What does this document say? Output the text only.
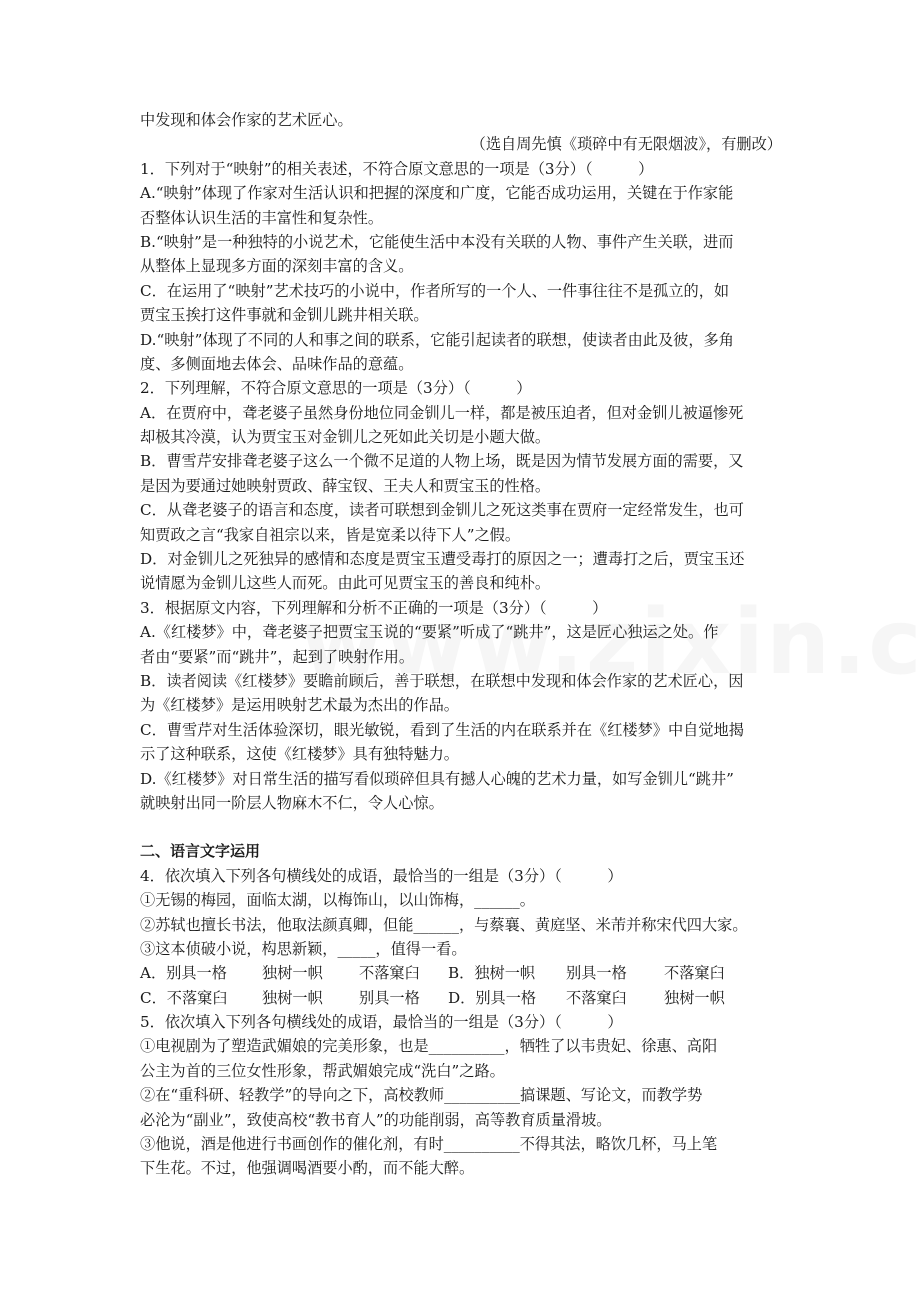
中发现和体会作家的艺术匠心。
（选自周先慎《琐碎中有无限烟波》，有删改）
1．下列对于“映射”的相关表述，不符合原文意思的一项是（3分）（　　　）
A.“映射”体现了作家对生活认识和把握的深度和广度，它能否成功运用，关键在于作家能
否整体认识生活的丰富性和复杂性。
B.“映射”是一种独特的小说艺术，它能使生活中本没有关联的人物、事件产生关联，进而
从整体上显现多方面的深刻丰富的含义。
C．在运用了“映射”艺术技巧的小说中，作者所写的一个人、一件事往往不是孤立的，如
贾宝玉挨打这件事就和金钏儿跳井相关联。
D.“映射”体现了不同的人和事之间的联系，它能引起读者的联想，使读者由此及彼，多角
度、多侧面地去体会、品味作品的意蕴。
2．下列理解，不符合原文意思的一项是（3分）（　　　）
A．在贾府中，聋老婆子虽然身份地位同金钏儿一样，都是被压迫者，但对金钏儿被逼惨死
却极其冷漠，认为贾宝玉对金钏儿之死如此关切是小题大做。
B．曹雪芹安排聋老婆子这么一个微不足道的人物上场，既是因为情节发展方面的需要，又
是因为要通过她映射贾政、薛宝钗、王夫人和贾宝玉的性格。
C．从聋老婆子的语言和态度，读者可联想到金钏儿之死这类事在贾府一定经常发生，也可
知贾政之言“我家自祖宗以来，皆是宽柔以待下人”之假。
D．对金钏儿之死独异的感情和态度是贾宝玉遭受毒打的原因之一；遭毒打之后，贾宝玉还
说情愿为金钏儿这些人而死。由此可见贾宝玉的善良和纯朴。
3．根据原文内容，下列理解和分析不正确的一项是（3分）（　　　）
A.《红楼梦》中，聋老婆子把贾宝玉说的“要紧”听成了“跳井”，这是匠心独运之处。作
者由“要紧”而“跳井”，起到了映射作用。
B．读者阅读《红楼梦》要瞻前顾后，善于联想，在联想中发现和体会作家的艺术匠心，因
为《红楼梦》是运用映射艺术最为杰出的作品。
C．曹雪芹对生活体验深切，眼光敏锐，看到了生活的内在联系并在《红楼梦》中自觉地揭
示了这种联系，这使《红楼梦》具有独特魅力。
D.《红楼梦》对日常生活的描写看似琐碎但具有撼人心魄的艺术力量，如写金钏儿“跳井”
就映射出同一阶层人物麻木不仁，令人心惊。
二、语言文字运用
4．依次填入下列各句横线处的成语，最恰当的一组是（3分）（　　　）
①无锡的梅园，面临太湖，以梅饰山，以山饰梅，______。
②苏轼也擅长书法，他取法颜真卿，但能______，与蔡襄、黄庭坚、米芾并称宋代四大家。
③这本侦破小说，构思新颖，_____，值得一看。
A．别具一格	独树一帜	不落窠臼	B．独树一帜	别具一格	不落窠臼
C．不落窠臼	独树一帜	别具一格	D．别具一格	不落窠臼	独树一帜
5．依次填入下列各句横线处的成语，最恰当的一组是（3分）（　　　）
①电视剧为了塑造武媚娘的完美形象，也是__________，牺牲了以韦贵妃、徐惠、高阳
公主为首的三位女性形象，帮武媚娘完成“洗白”之路。
②在“重科研、轻教学”的导向之下，高校教师__________搞课题、写论文，而教学势
必沦为“副业”，致使高校“教书育人”的功能削弱，高等教育质量滑坡。
③他说，酒是他进行书画创作的催化剂，有时__________不得其法，略饮几杯，马上笔
下生花。不过，他强调喝酒要小酌，而不能大醉。
